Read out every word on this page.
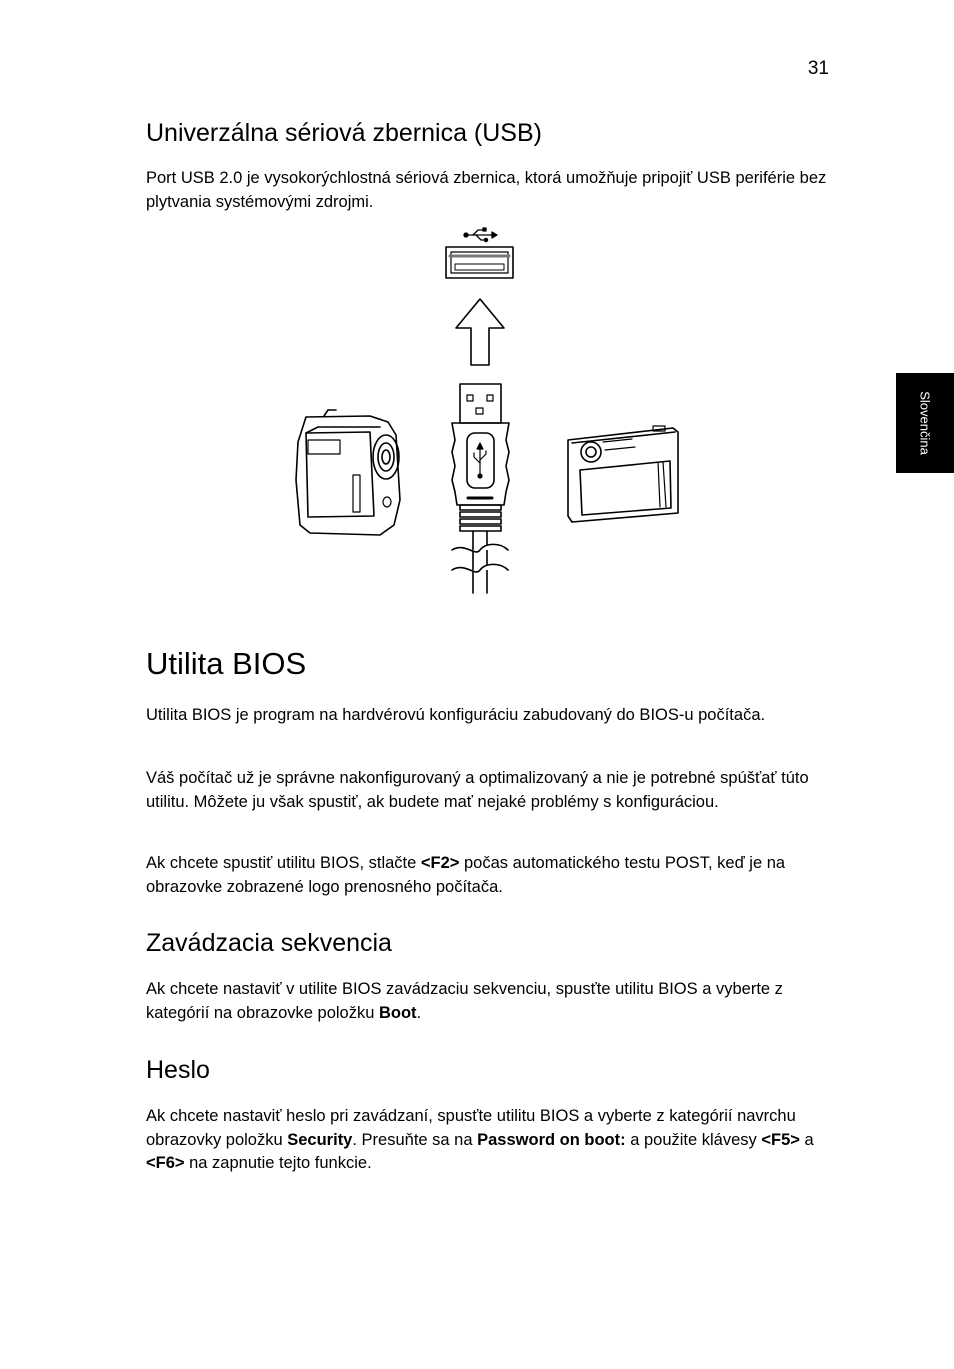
31
Slovenčina
Univerzálna sériová zbernica (USB)

Port USB 2.0 je vysokorýchlostná sériová zbernica, ktorá umožňuje pripojiť USB periférie bez plytvania systémovými zdrojmi.

Utilita BIOS

Utilita BIOS je program na hardvérovú konfiguráciu zabudovaný do BIOS-u počítača.

Váš počítač už je správne nakonfigurovaný a optimalizovaný a nie je potrebné spúšťať túto utilitu. Môžete ju však spustiť, ak budete mať nejaké problémy s konfiguráciou.

Ak chcete spustiť utilitu BIOS, stlačte <F2> počas automatického testu POST, keď je na obrazovke zobrazené logo prenosného počítača.

Zavádzacia sekvencia

Ak chcete nastaviť v utilite BIOS zavádzaciu sekvenciu, spusťte utilitu BIOS a vyberte z kategórií na obrazovke položku Boot.

Heslo

Ak chcete nastaviť heslo pri zavádzaní, spusťte utilitu BIOS a vyberte z kategórií navrchu obrazovky položku Security. Presuňte sa na Password on boot: a použite klávesy <F5> a <F6> na zapnutie tejto funkcie.
